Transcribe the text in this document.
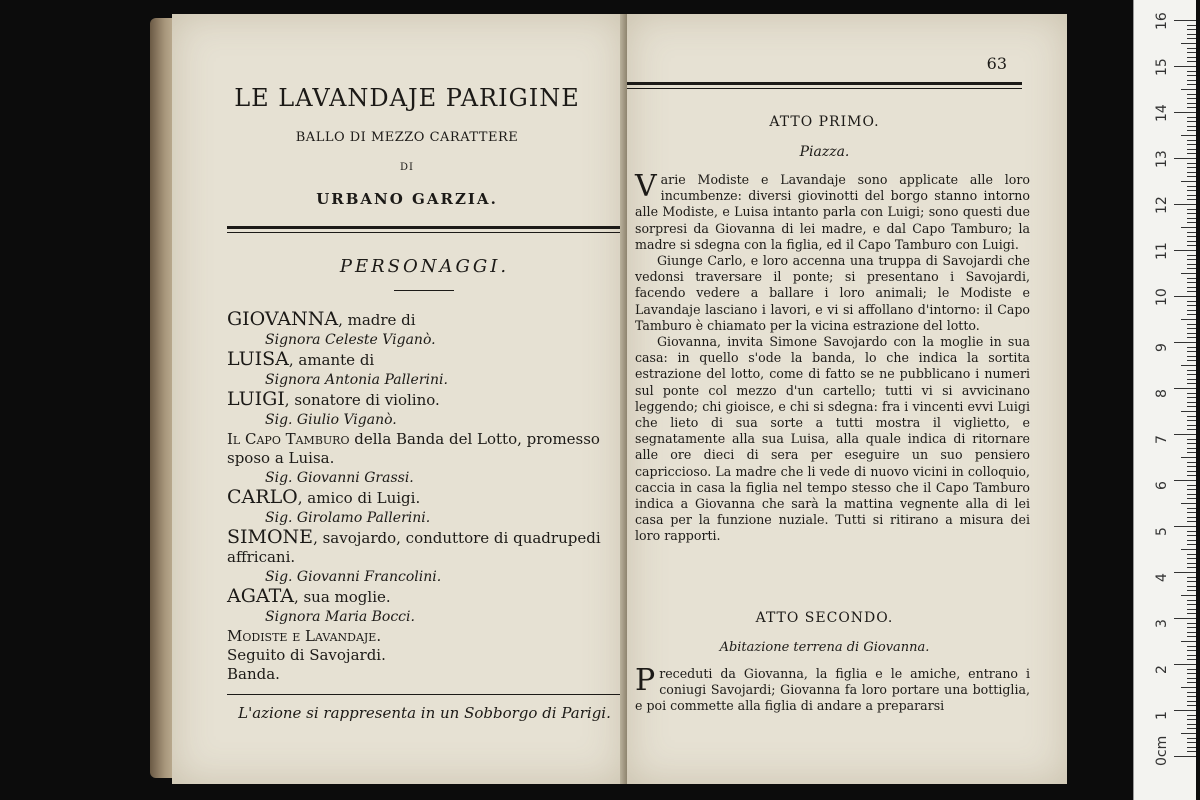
LE LAVANDAJE PARIGINE
BALLO DI MEZZO CARATTERE
DI
URBANO GARZIA.
PERSONAGGI.
GIOVANNA, madre di
Signora Celeste Viganò.
LUISA, amante di
Signora Antonia Pallerini.
LUIGI, sonatore di violino.
Sig. Giulio Viganò.
Il Capo Tamburo della Banda del Lotto, promesso sposo a Luisa.
Sig. Giovanni Grassi.
CARLO, amico di Luigi.
Sig. Girolamo Pallerini.
SIMONE, savojardo, conduttore di quadrupedi affricani.
Sig. Giovanni Francolini.
AGATA, sua moglie.
Signora Maria Bocci.
Modiste e Lavandaje.
Seguito di Savojardi.
Banda.
L'azione si rappresenta in un Sobborgo di Parigi.
63
ATTO PRIMO.
Piazza.

Varie Modiste e Lavandaje sono applicate alle loro incumbenze: diversi giovinotti del borgo stanno intorno alle Modiste, e Luisa intanto parla con Luigi; sono questi due sorpresi da Giovanna di lei madre, e dal Capo Tamburo; la madre si sdegna con la figlia, ed il Capo Tamburo con Luigi.

Giunge Carlo, e loro accenna una truppa di Savojardi che vedonsi traversare il ponte; si presentano i Savojardi, facendo vedere a ballare i loro animali; le Modiste e Lavandaje lasciano i lavori, e vi si affollano d'intorno: il Capo Tamburo è chiamato per la vicina estrazione del lotto.

Giovanna, invita Simone Savojardo con la moglie in sua casa: in quello s'ode la banda, lo che indica la sortita estrazione del lotto, come di fatto se ne pubblicano i numeri sul ponte col mezzo d'un cartello; tutti vi si avvicinano leggendo; chi gioisce, e chi si sdegna: fra i vincenti evvi Luigi che lieto di sua sorte a tutti mostra il viglietto, e segnatamente alla sua Luisa, alla quale indica di ritornare alle ore dieci di sera per eseguire un suo pensiero capriccioso. La madre che li vede di nuovo vicini in colloquio, caccia in casa la figlia nel tempo stesso che il Capo Tamburo indica a Giovanna che sarà la mattina vegnente alla di lei casa per la funzione nuziale. Tutti si ritirano a misura dei loro rapporti.

ATTO SECONDO.
Abitazione terrena di Giovanna.

Preceduti da Giovanna, la figlia e le amiche, entrano i coniugi Savojardi; Giovanna fa loro portare una bottiglia, e poi commette alla figlia di andare a prepararsi

16
15
14
13
12
11
10
9
8
7
6
5
4
3
2
1
0cm
